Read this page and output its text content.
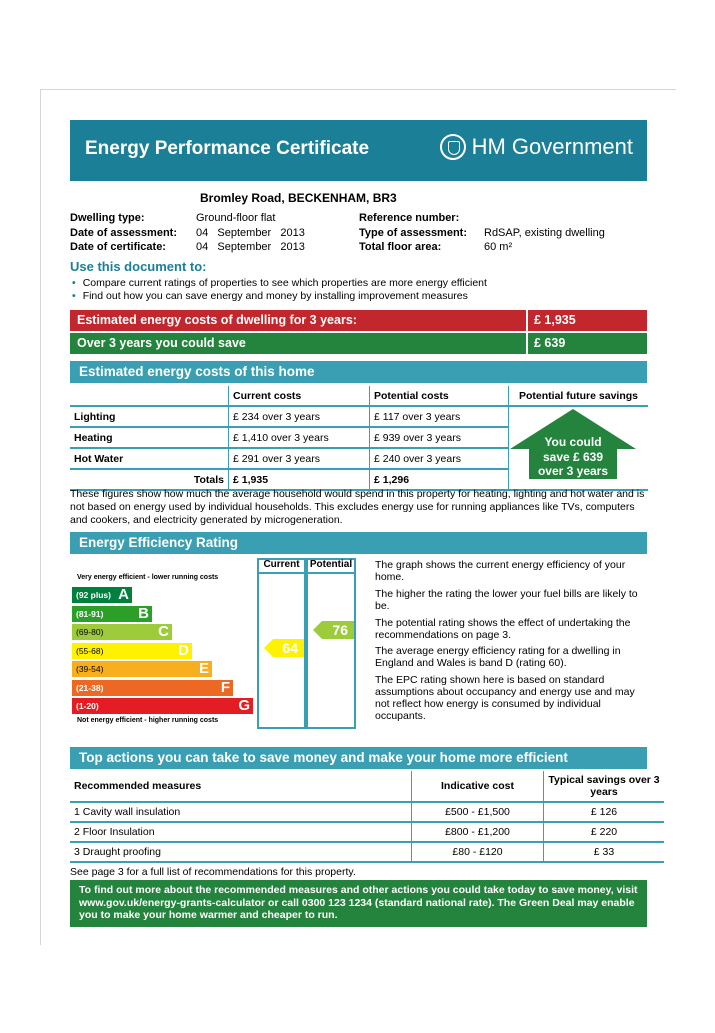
Energy Performance Certificate	HM Government
Bromley Road, BECKENHAM, BR3
Dwelling type:	Ground-floor flat
Date of assessment: 04   September   2013
Date of certificate:	04   September   2013
Reference number:
Type of assessment: RdSAP, existing dwelling
Total floor area:	60 m²
Use this document to:
• Compare current ratings of properties to see which properties are more energy efficient
• Find out how you can save energy and money by installing improvement measures
Estimated energy costs of dwelling for 3 years:	£ 1,935
Over 3 years you could save	£ 639
Estimated energy costs of this home
	Current costs	Potential costs	Potential future savings
Lighting	£ 234 over 3 years	£ 117 over 3 years	
Heating	£ 1,410 over 3 years	£ 939 over 3 years	
Hot Water	£ 291 over 3 years	£ 240 over 3 years	
Totals	£ 1,935	£ 1,296	
You could
save £ 639
over 3 years
These figures show how much the average household would spend in this property for heating, lighting and hot water and is not based on energy used by individual households. This excludes energy use for running appliances like TVs, computers and cookers, and electricity generated by microgeneration.
Energy Efficiency Rating
Very energy efficient - lower running costs
Not energy efficient - higher running costs
(92 plus) A
(81-91) B
(69-80)	C
(55-68)	D
(39-54)	E
(21-38)	F
(1-20)	G
Current	Potential
64
76
The graph shows the current energy efficiency of your home.
The higher the rating the lower your fuel bills are likely to be.
The potential rating shows the effect of undertaking the recommendations on page 3.
The average energy efficiency rating for a dwelling in England and Wales is band D (rating 60).
The EPC rating shown here is based on standard assumptions about occupancy and energy use and may not reflect how energy is consumed by individual occupants.
Top actions you can take to save money and make your home more efficient
Recommended measures	Indicative cost	Typical savings over 3 years
1 Cavity wall insulation	£500 - £1,500	£ 126
2 Floor Insulation	£800 - £1,200	£ 220
3 Draught proofing	£80 - £120	£ 33
See page 3 for a full list of recommendations for this property.
To find out more about the recommended measures and other actions you could take today to save money, visit www.gov.uk/energy-grants-calculator or call 0300 123 1234 (standard national rate). The Green Deal may enable you to make your home warmer and cheaper to run.
